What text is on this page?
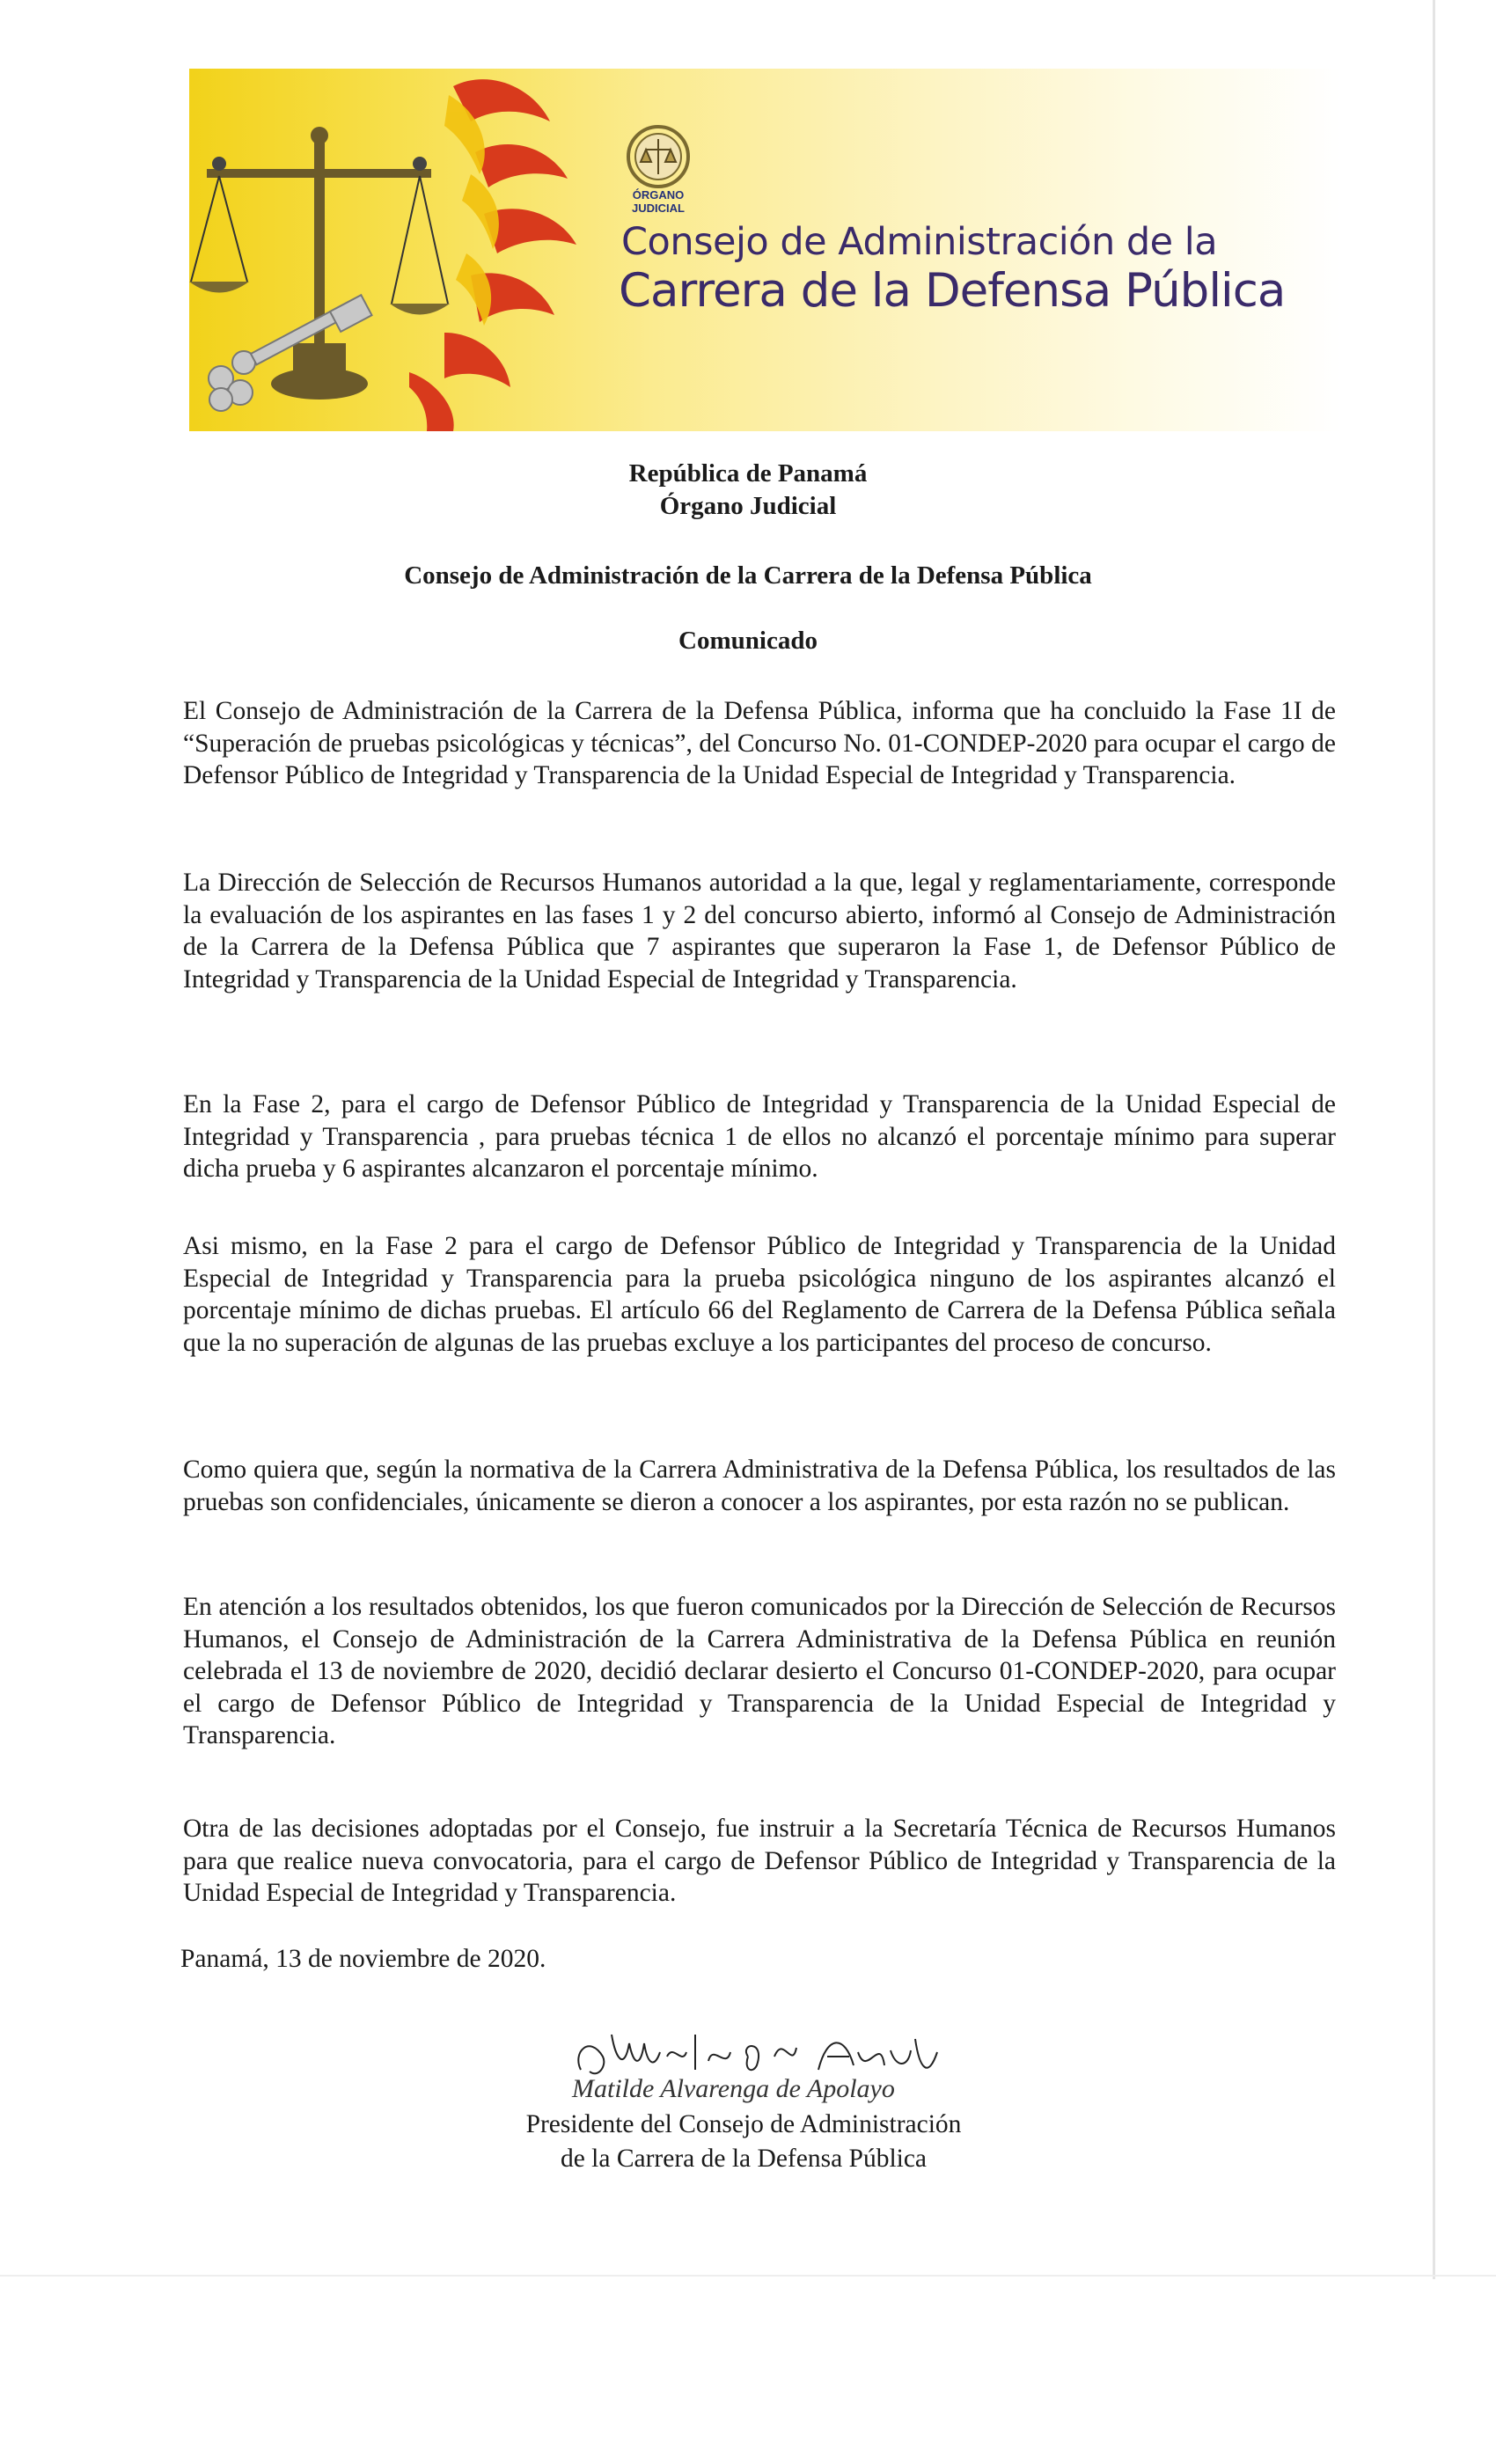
ÓRGANO
JUDICIAL
Consejo de Administración de la
Carrera de la Defensa Pública
República de Panamá
Órgano Judicial
Consejo de Administración de la Carrera de la Defensa Pública
Comunicado
El Consejo de Administración de la Carrera de la Defensa Pública, informa que ha concluido la Fase 1I de “Superación de pruebas psicológicas y técnicas”, del Concurso No. 01-CONDEP-2020 para ocupar el cargo de Defensor Público de Integridad y Transparencia de la Unidad Especial de Integridad y Transparencia.
La Dirección de Selección de Recursos Humanos autoridad a la que, legal y reglamentariamente, corresponde la evaluación de los aspirantes en las fases 1 y 2 del concurso abierto, informó al Consejo de Administración de la Carrera de la Defensa Pública que 7 aspirantes que superaron la Fase 1, de Defensor Público de Integridad y Transparencia de la Unidad Especial de Integridad y Transparencia.
En la Fase 2, para el cargo de Defensor Público de Integridad y Transparencia de la Unidad Especial de Integridad y Transparencia , para pruebas técnica 1 de ellos no alcanzó el porcentaje mínimo para superar dicha prueba y 6 aspirantes alcanzaron el porcentaje mínimo.
Asi mismo, en la Fase 2 para el cargo de Defensor Público de Integridad y Transparencia de la Unidad Especial de Integridad y Transparencia para la prueba psicológica ninguno de los aspirantes alcanzó el porcentaje mínimo de dichas pruebas. El artículo 66 del Reglamento de Carrera de la Defensa Pública señala que la no superación de algunas de las pruebas excluye a los participantes del proceso de concurso.
Como quiera que, según la normativa de la Carrera Administrativa de la Defensa Pública, los resultados de las pruebas son confidenciales, únicamente se dieron a conocer a los aspirantes, por esta razón no se publican.
En atención a los resultados obtenidos, los que fueron comunicados por la Dirección de Selección de Recursos Humanos, el Consejo de Administración de la Carrera Administrativa de la Defensa Pública en reunión celebrada el 13 de noviembre de 2020, decidió declarar desierto el Concurso 01-CONDEP-2020, para ocupar el cargo de Defensor Público de Integridad y Transparencia de la Unidad Especial de Integridad y Transparencia.
Otra de las decisiones adoptadas por el Consejo, fue instruir a la Secretaría Técnica de Recursos Humanos para que realice nueva convocatoria, para el cargo de Defensor Público de Integridad y Transparencia de la Unidad Especial de Integridad y Transparencia.
Panamá, 13 de noviembre de 2020.
Matilde Alvarenga de Apolayo
Presidente del Consejo de Administración
de la Carrera de la Defensa Pública
